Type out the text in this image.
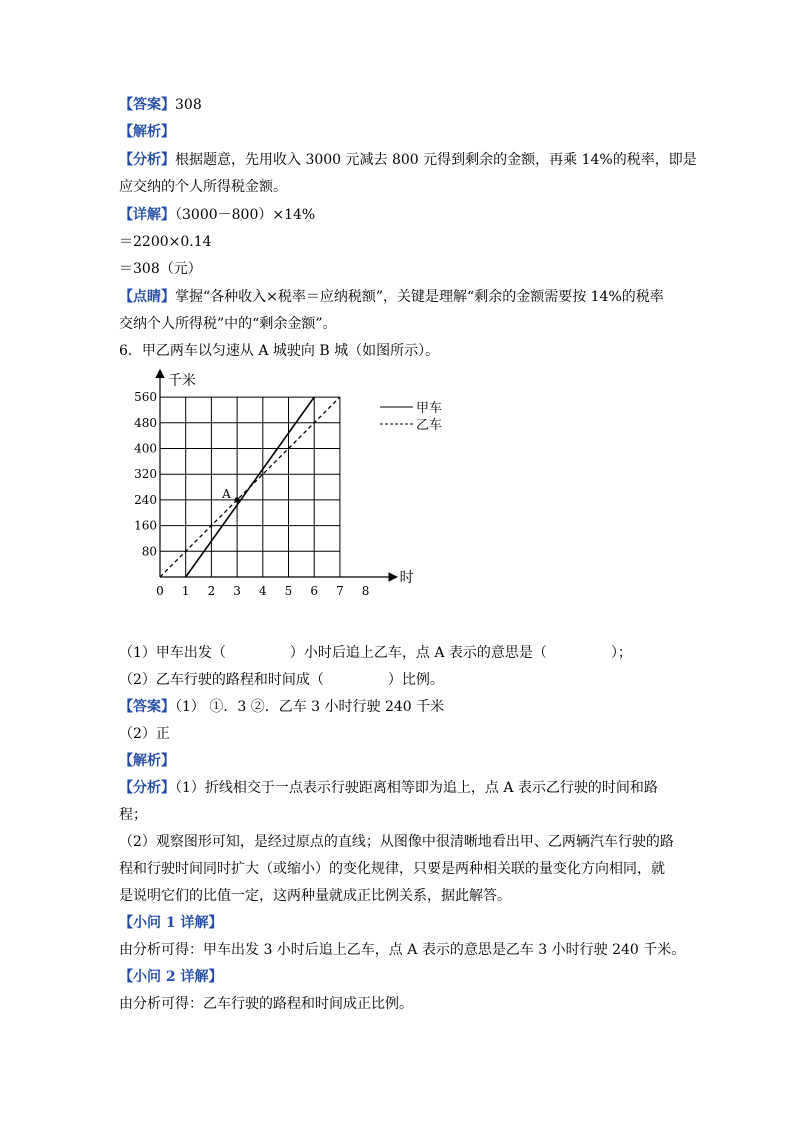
【答案】308
【解析】
【分析】根据题意，先用收入 3000 元减去 800 元得到剩余的金额，再乘 14%的税率，即是
应交纳的个人所得税金额。
【详解】（3000－800）×14%
＝2200×0.14
＝308（元）
【点睛】掌握“各种收入×税率＝应纳税额”，关键是理解“剩余的金额需要按 14%的税率
交纳个人所得税”中的“剩余金额”。
6．甲乙两车以匀速从 A 城驶向 B 城（如图所示）。
千米
时
0 1 2 3 4 5 6 7 8
80
160
240
320
400
480
560
A
甲车
乙车
（1）甲车出发（	）小时后追上乙车，点 A 表示的意思是（	）；
（2）乙车行驶的路程和时间成（	）比例。
【答案】（1） ①．3 ②．乙车 3 小时行驶 240 千米
（2）正
【解析】
【分析】（1）折线相交于一点表示行驶距离相等即为追上，点 A 表示乙行驶的时间和路
程；
（2）观察图形可知，是经过原点的直线；从图像中很清晰地看出甲、乙两辆汽车行驶的路
程和行驶时间同时扩大（或缩小）的变化规律，只要是两种相关联的量变化方向相同，就
是说明它们的比值一定，这两种量就成正比例关系，据此解答。
【小问 1 详解】
由分析可得：甲车出发 3 小时后追上乙车，点 A 表示的意思是乙车 3 小时行驶 240 千米。
【小问 2 详解】
由分析可得：乙车行驶的路程和时间成正比例。
